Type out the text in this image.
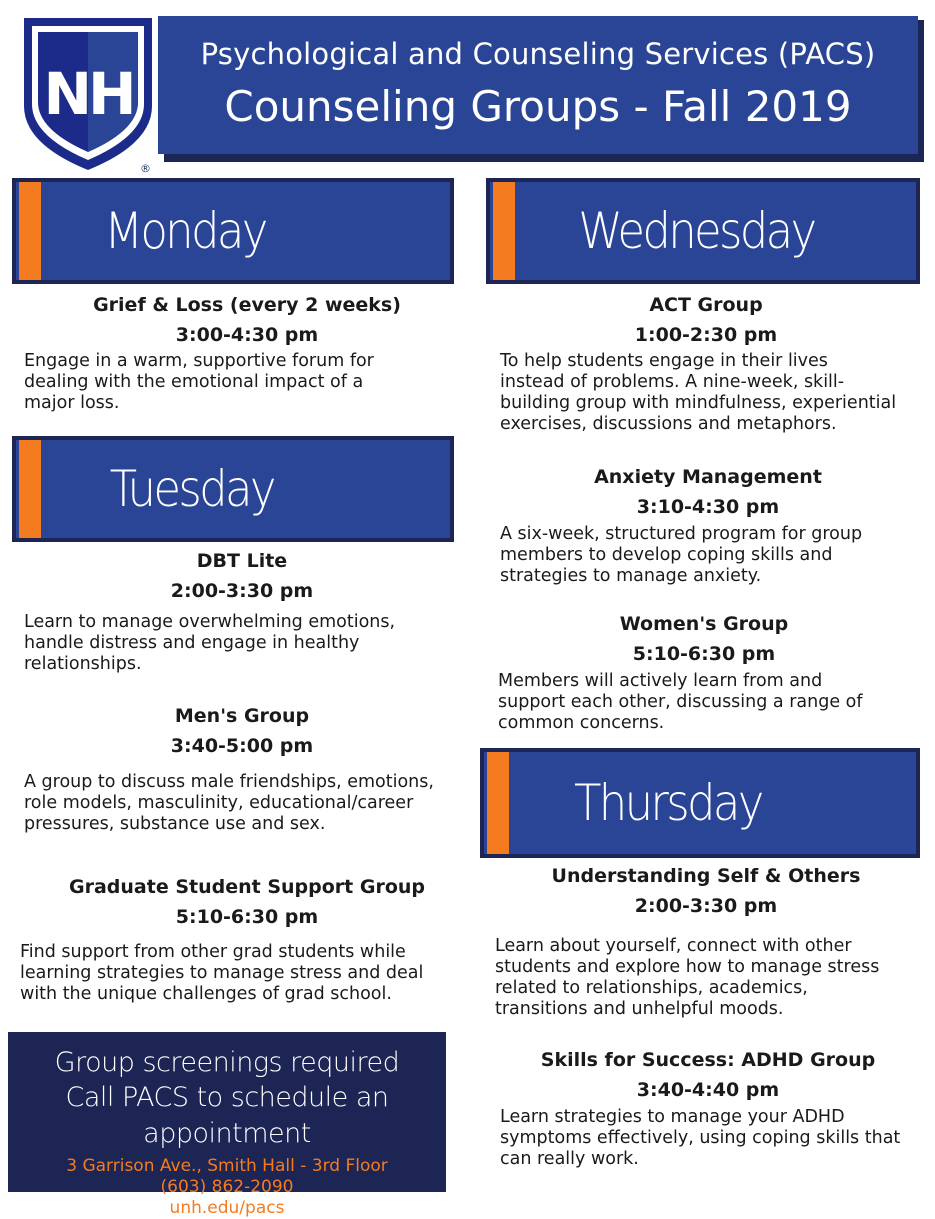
NH
®
Psychological and Counseling Services (PACS)
Counseling Groups - Fall 2019
Monday
Grief & Loss (every 2 weeks)
3:00-4:30 pm
Engage in a warm, supportive forum for
dealing with the emotional impact of a
major loss.
Tuesday
DBT Lite
2:00-3:30 pm
Learn to manage overwhelming emotions,
handle distress and engage in healthy
relationships.
Men's Group
3:40-5:00 pm
A group to discuss male friendships, emotions,
role models, masculinity, educational/career
pressures, substance use and sex.
Graduate Student Support Group
5:10-6:30 pm
Find support from other grad students while
learning strategies to manage stress and deal
with the unique challenges of grad school.
Wednesday
ACT Group
1:00-2:30 pm
To help students engage in their lives
instead of problems. A nine-week, skill-
building group with mindfulness, experiential
exercises, discussions and metaphors.
Anxiety Management
3:10-4:30 pm
A six-week, structured program for group
members to develop coping skills and
strategies to manage anxiety.
Women's Group
5:10-6:30 pm
Members will actively learn from and
support each other, discussing a range of
common concerns.
Thursday
Understanding Self & Others
2:00-3:30 pm
Learn about yourself, connect with other
students and explore how to manage stress
related to relationships, academics,
transitions and unhelpful moods.
Skills for Success: ADHD Group
3:40-4:40 pm
Learn strategies to manage your ADHD
symptoms effectively, using coping skills that
can really work.
Group screenings required
Call PACS to schedule an appointment
3 Garrison Ave., Smith Hall - 3rd Floor
(603) 862-2090
unh.edu/pacs
